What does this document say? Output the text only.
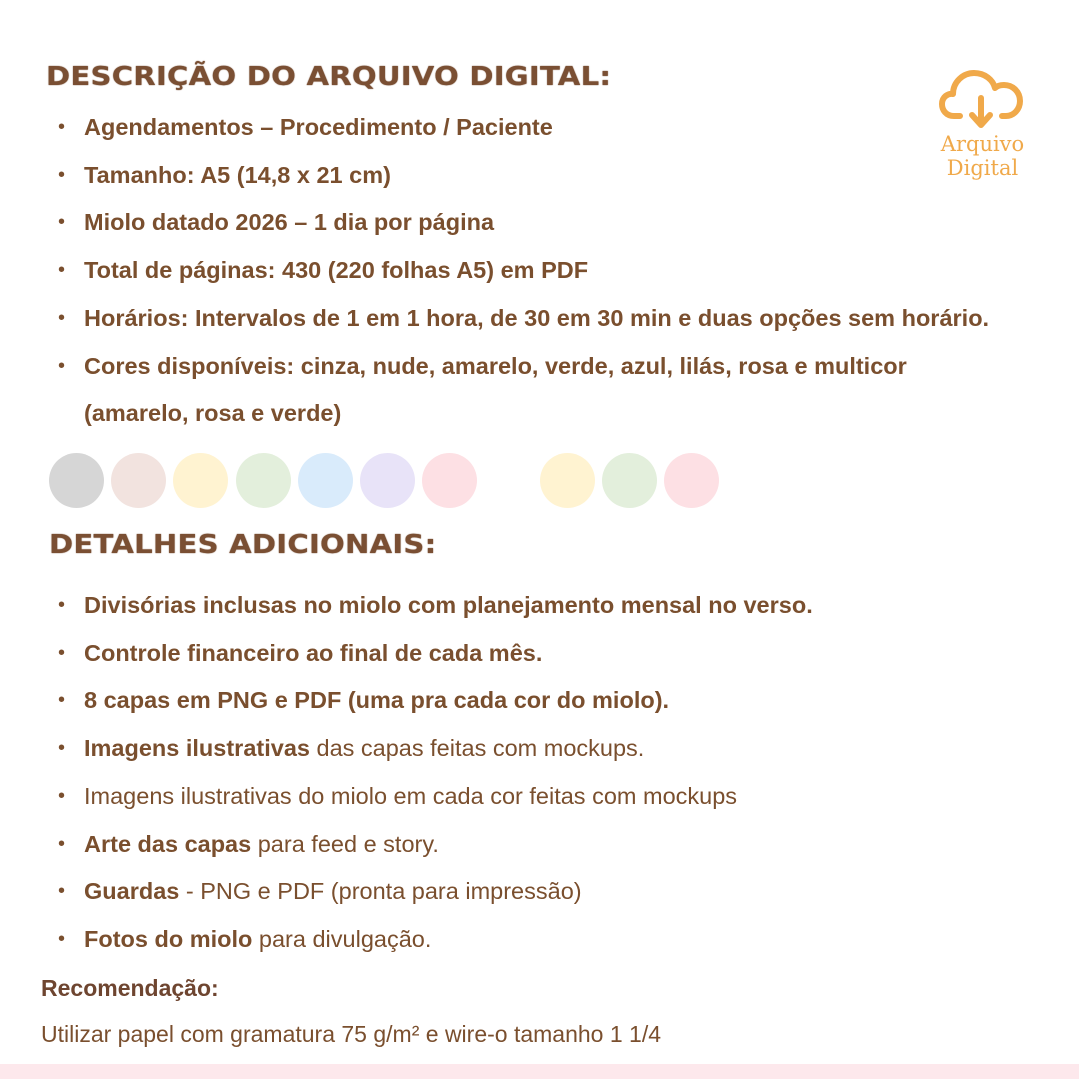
DESCRIÇÃO DO ARQUIVO DIGITAL:
• Agendamentos – Procedimento / Paciente
• Tamanho: A5 (14,8 x 21 cm)
• Miolo datado 2026 – 1 dia por página
• Total de páginas: 430 (220 folhas A5) em PDF
• Horários: Intervalos de 1 em 1 hora, de 30 em 30 min e duas opções sem horário.
• Cores disponíveis: cinza, nude, amarelo, verde, azul, lilás, rosa e multicor
(amarelo, rosa e verde)
Arquivo
Digital
DETALHES ADICIONAIS:
• Divisórias inclusas no miolo com planejamento mensal no verso.
• Controle financeiro ao final de cada mês.
• 8 capas em PNG e PDF (uma pra cada cor do miolo).
• Imagens ilustrativas das capas feitas com mockups.
• Imagens ilustrativas do miolo em cada cor feitas com mockups
• Arte das capas para feed e story.
• Guardas - PNG e PDF (pronta para impressão)
• Fotos do miolo para divulgação.
Recomendação:
Utilizar papel com gramatura 75 g/m² e wire-o tamanho 1 1/4
